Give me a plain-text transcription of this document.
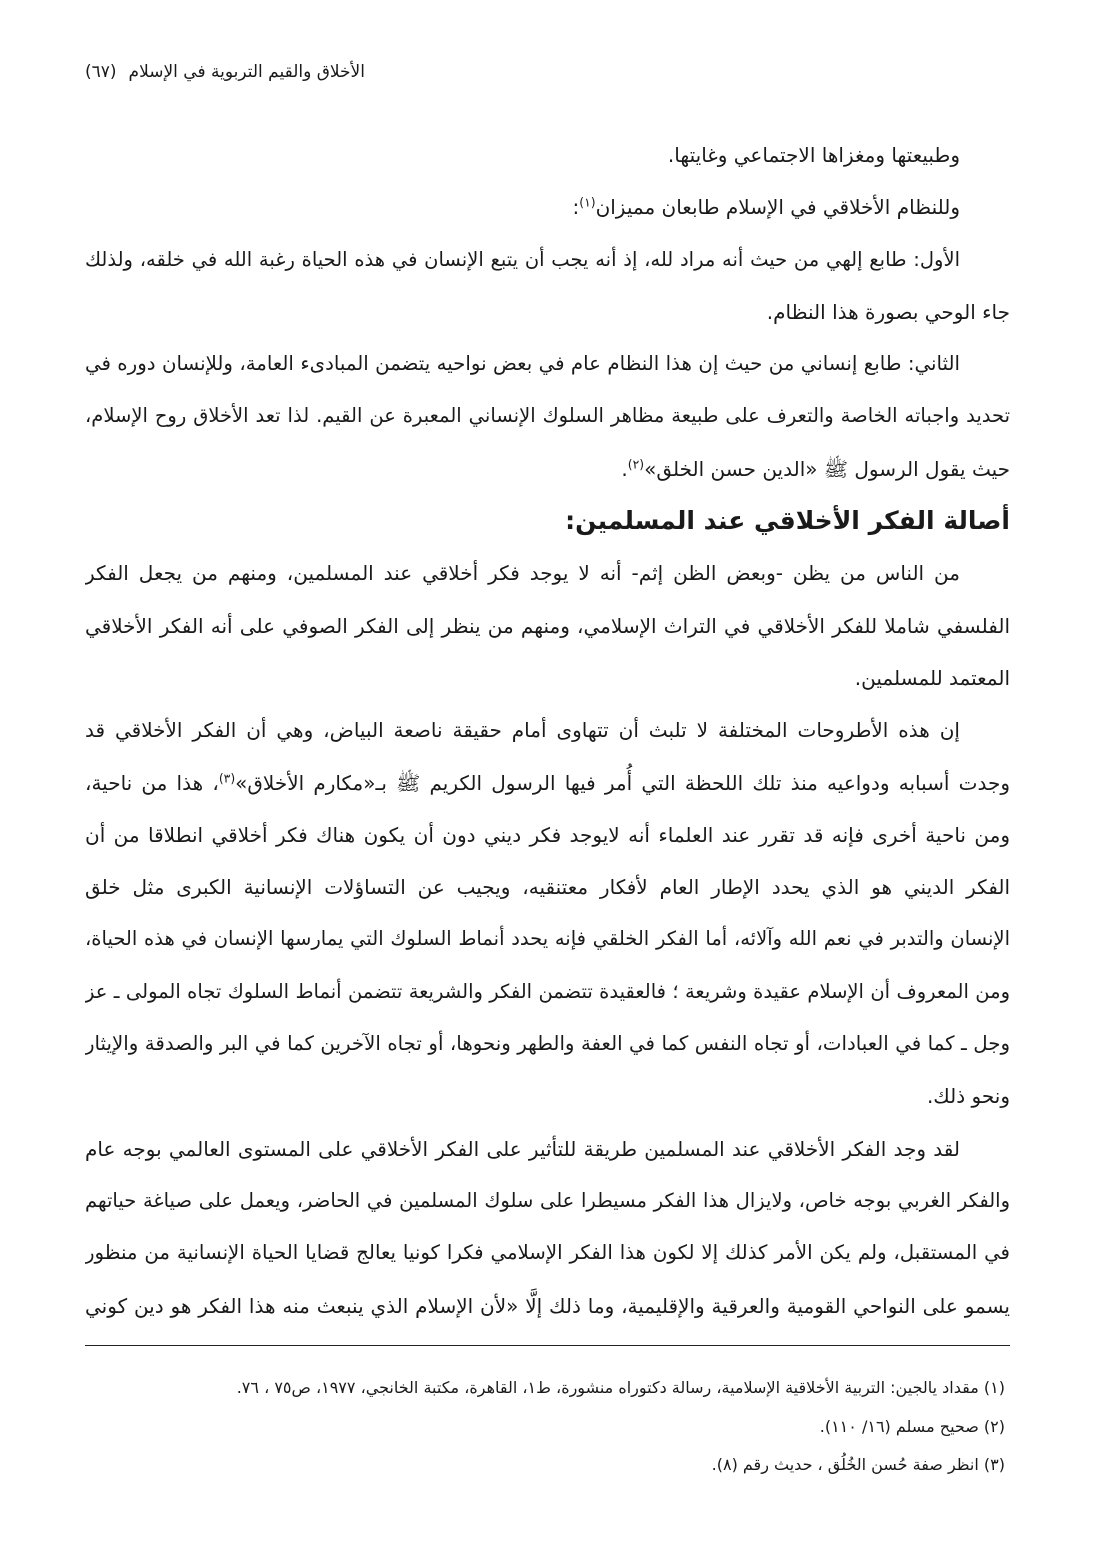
الأخلاق والقيم التربوية في الإسلام(٦٧)
وطبيعتها ومغزاها الاجتماعي وغايتها.
وللنظام الأخلاقي في الإسلام طابعان مميزان$^{(١)}$:
الأول: طابع إلهي من حيث أنه مراد لله، إذ أنه يجب أن يتبع الإنسان في هذه الحياة رغبة الله في خلقه، ولذلك
جاء الوحي بصورة هذا النظام.
الثاني: طابع إنساني من حيث إن هذا النظام عام في بعض نواحيه يتضمن المبادىء العامة، وللإنسان دوره في
تحديد واجباته الخاصة والتعرف على طبيعة مظاهر السلوك الإنساني المعبرة عن القيم. لذا تعد الأخلاق روح الإسلام،
حيث يقول الرسول ﷺ «الدين حسن الخلق»$^{(٢)}$.
أصالة الفكر الأخلاقي عند المسلمين:
من الناس من يظن -وبعض الظن إثم- أنه لا يوجد فكر أخلاقي عند المسلمين، ومنهم من يجعل الفكر
الفلسفي شاملا للفكر الأخلاقي في التراث الإسلامي، ومنهم من ينظر إلى الفكر الصوفي على أنه الفكر الأخلاقي
المعتمد للمسلمين.
إن هذه الأطروحات المختلفة لا تلبث أن تتهاوى أمام حقيقة ناصعة البياض، وهي أن الفكر الأخلاقي قد
وجدت أسبابه ودواعيه منذ تلك اللحظة التي أُمر فيها الرسول الكريم ﷺ بـ«مكارم الأخلاق»$^{(٣)}$، هذا من ناحية،
ومن ناحية أخرى فإنه قد تقرر عند العلماء أنه لايوجد فكر ديني دون أن يكون هناك فكر أخلاقي انطلاقا من أن
الفكر الديني هو الذي يحدد الإطار العام لأفكار معتنقيه، ويجيب عن التساؤلات الإنسانية الكبرى مثل خلق
الإنسان والتدبر في نعم الله وآلائه، أما الفكر الخلقي فإنه يحدد أنماط السلوك التي يمارسها الإنسان في هذه الحياة،
ومن المعروف أن الإسلام عقيدة وشريعة ؛ فالعقيدة تتضمن الفكر والشريعة تتضمن أنماط السلوك تجاه المولى ـ عز
وجل ـ كما في العبادات، أو تجاه النفس كما في العفة والطهر ونحوها، أو تجاه الآخرين كما في البر والصدقة والإيثار
ونحو ذلك.
لقد وجد الفكر الأخلاقي عند المسلمين طريقة للتأثير على الفكر الأخلاقي على المستوى العالمي بوجه عام
والفكر الغربي بوجه خاص، ولايزال هذا الفكر مسيطرا على سلوك المسلمين في الحاضر، ويعمل على صياغة حياتهم
في المستقبل، ولم يكن الأمر كذلك إلا لكون هذا الفكر الإسلامي فكرا كونيا يعالج قضايا الحياة الإنسانية من منظور
يسمو على النواحي القومية والعرقية والإقليمية، وما ذلك إلَّا «لأن الإسلام الذي ينبعث منه هذا الفكر هو دين كوني
(١) مقداد يالجين: التربية الأخلاقية الإسلامية، رسالة دكتوراه منشورة، ط١، القاهرة، مكتبة الخانجي، ١٩٧٧، ص٧٥ ، ٧٦.
(٢) صحيح مسلم (١٦/ ١١٠).
(٣) انظر صفة حُسن الخُلُق ، حديث رقم (٨).
